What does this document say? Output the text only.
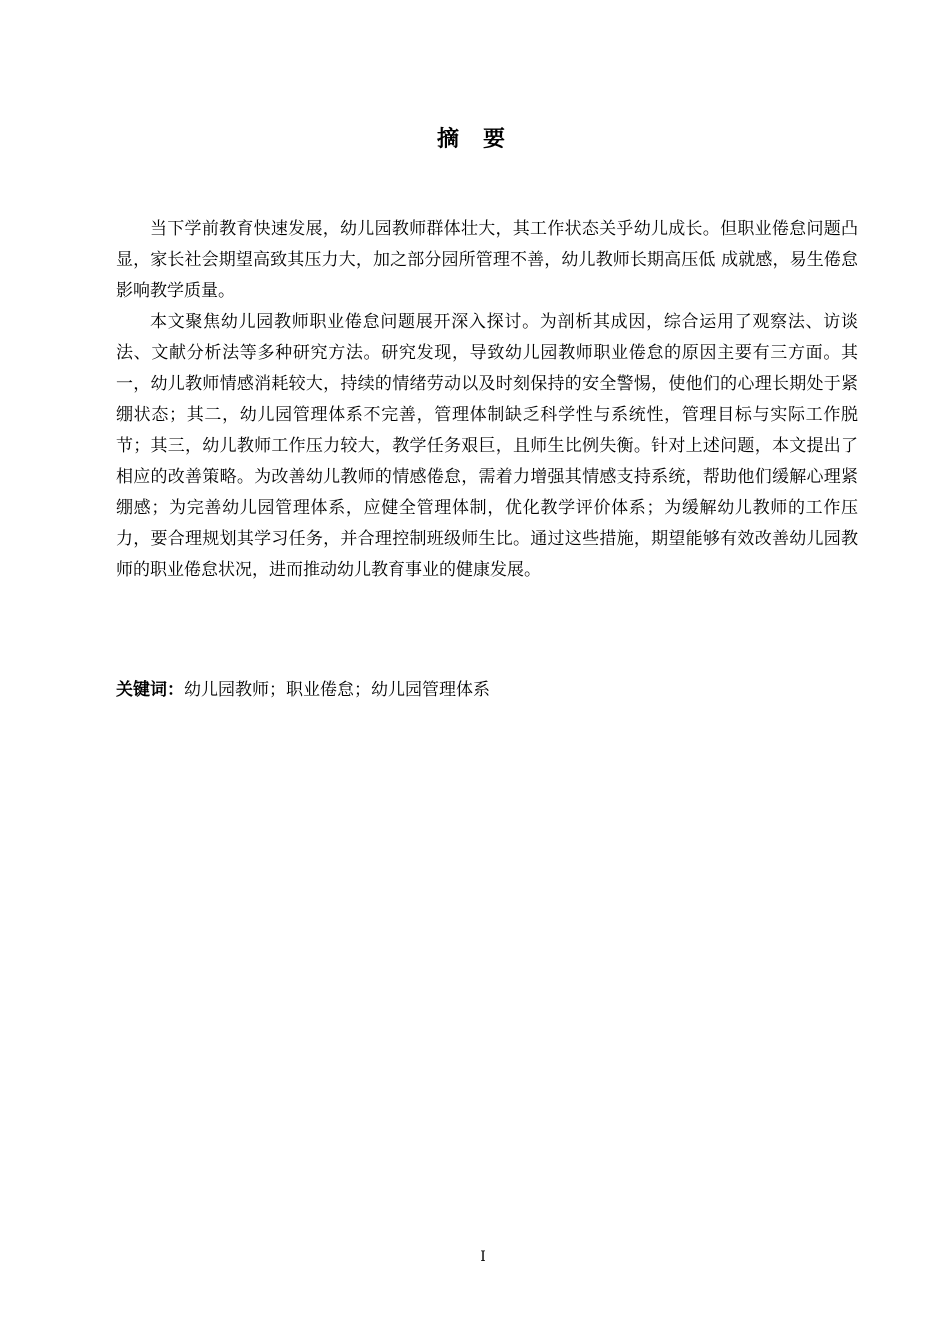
摘要

当下学前教育快速发展，幼儿园教师群体壮大，其工作状态关乎幼儿成长。但职业倦怠问题凸显，家长社会期望高致其压力大，加之部分园所管理不善，幼儿教师长期高压低 成就感，易生倦怠影响教学质量。

本文聚焦幼儿园教师职业倦怠问题展开深入探讨。为剖析其成因，综合运用了观察法、访谈法、文献分析法等多种研究方法。研究发现，导致幼儿园教师职业倦怠的原因主要有三方面。其一，幼儿教师情感消耗较大，持续的情绪劳动以及时刻保持的安全警惕，使他们的心理长期处于紧绷状态；其二，幼儿园管理体系不完善，管理体制缺乏科学性与系统性，管理目标与实际工作脱节；其三，幼儿教师工作压力较大，教学任务艰巨，且师生比例失衡。针对上述问题，本文提出了相应的改善策略。为改善幼儿教师的情感倦怠，需着力增强其情感支持系统，帮助他们缓解心理紧绷感；为完善幼儿园管理体系，应健全管理体制，优化教学评价体系；为缓解幼儿教师的工作压力，要合理规划其学习任务，并合理控制班级师生比。通过这些措施，期望能够有效改善幼儿园教师的职业倦怠状况，进而推动幼儿教育事业的健康发展。

关键词：幼儿园教师；职业倦怠；幼儿园管理体系
I
